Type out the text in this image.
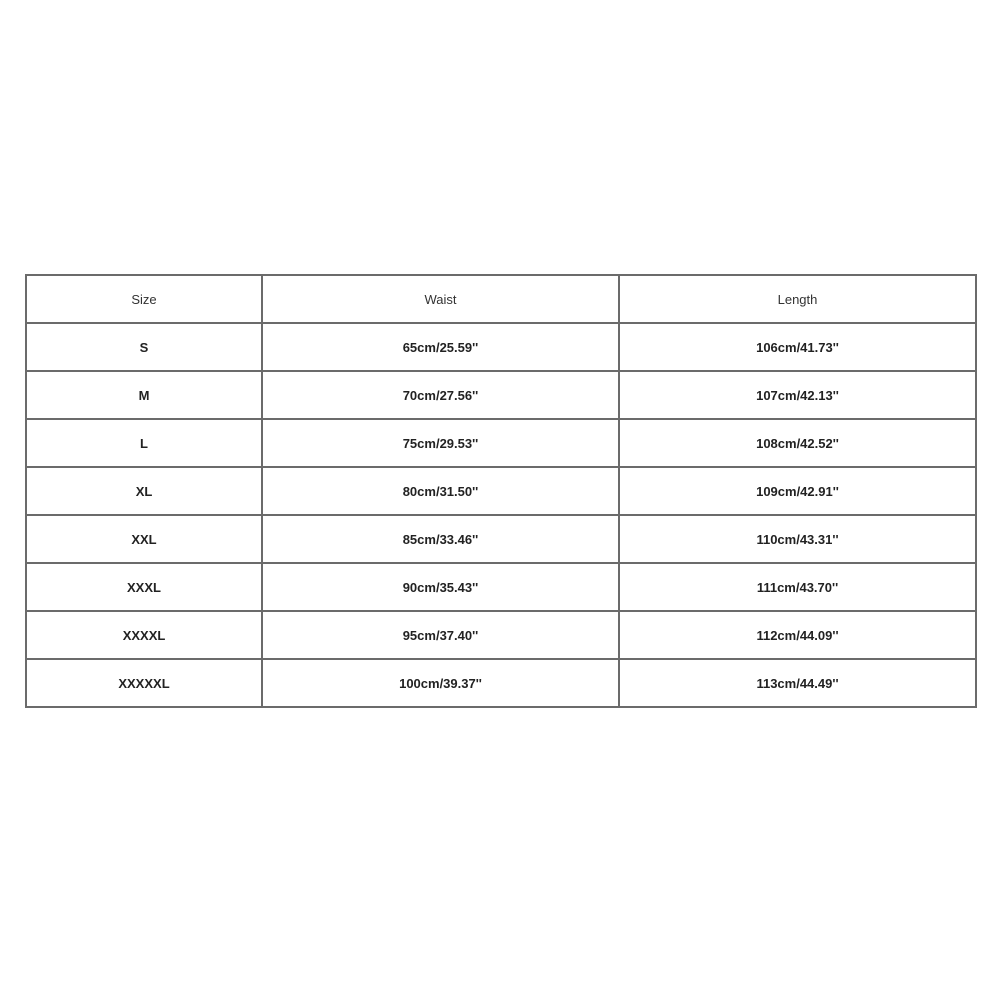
Size	Waist	Length
S	65cm/25.59''	106cm/41.73''
M	70cm/27.56''	107cm/42.13''
L	75cm/29.53''	108cm/42.52''
XL	80cm/31.50''	109cm/42.91''
XXL	85cm/33.46''	110cm/43.31''
XXXL	90cm/35.43''	111cm/43.70''
XXXXL	95cm/37.40''	112cm/44.09''
XXXXXL	100cm/39.37''	113cm/44.49''
